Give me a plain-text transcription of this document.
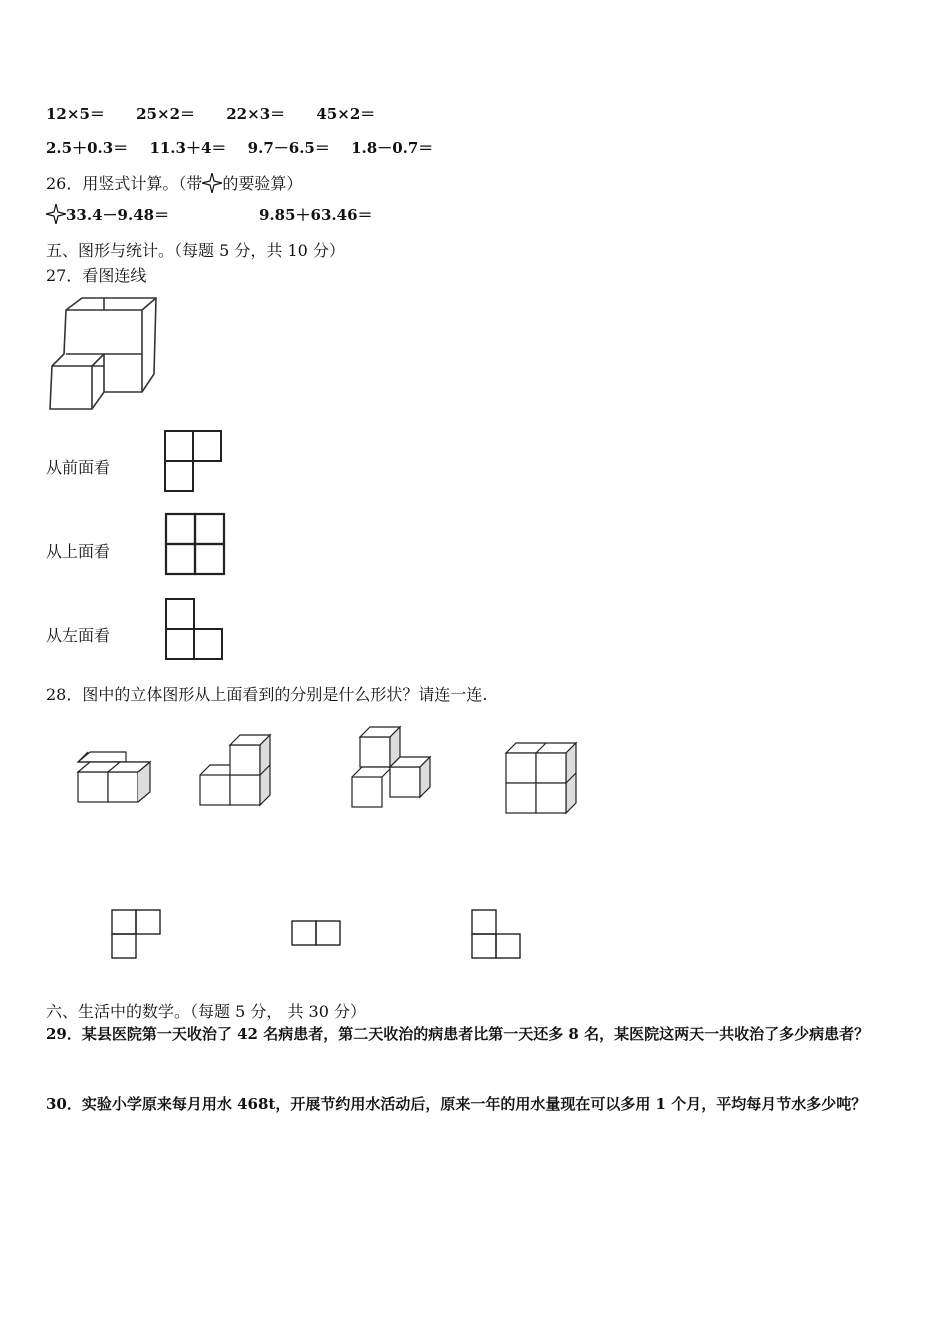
12×5＝ 25×2＝ 22×3＝ 45×2＝
2.5＋0.3＝ 11.3＋4＝ 9.7－6.5＝ 1.8－0.7＝
26．用竖式计算。（带 的要验算）
33.4－9.48＝	9.85＋63.46＝
五、图形与统计。（每题 5 分，共 10 分）
27．看图连线
从前面看
从上面看
从左面看
28．图中的立体图形从上面看到的分别是什么形状？请连一连.
六、生活中的数学。（每题 5 分， 共 30 分）
29．某县医院第一天收治了 42 名病患者，第二天收治的病患者比第一天还多 8 名，某医院这两天一共收治了多少病患者？
30．实验小学原来每月用水 468t，开展节约用水活动后，原来一年的用水量现在可以多用 1 个月，平均每月节水多少吨？
